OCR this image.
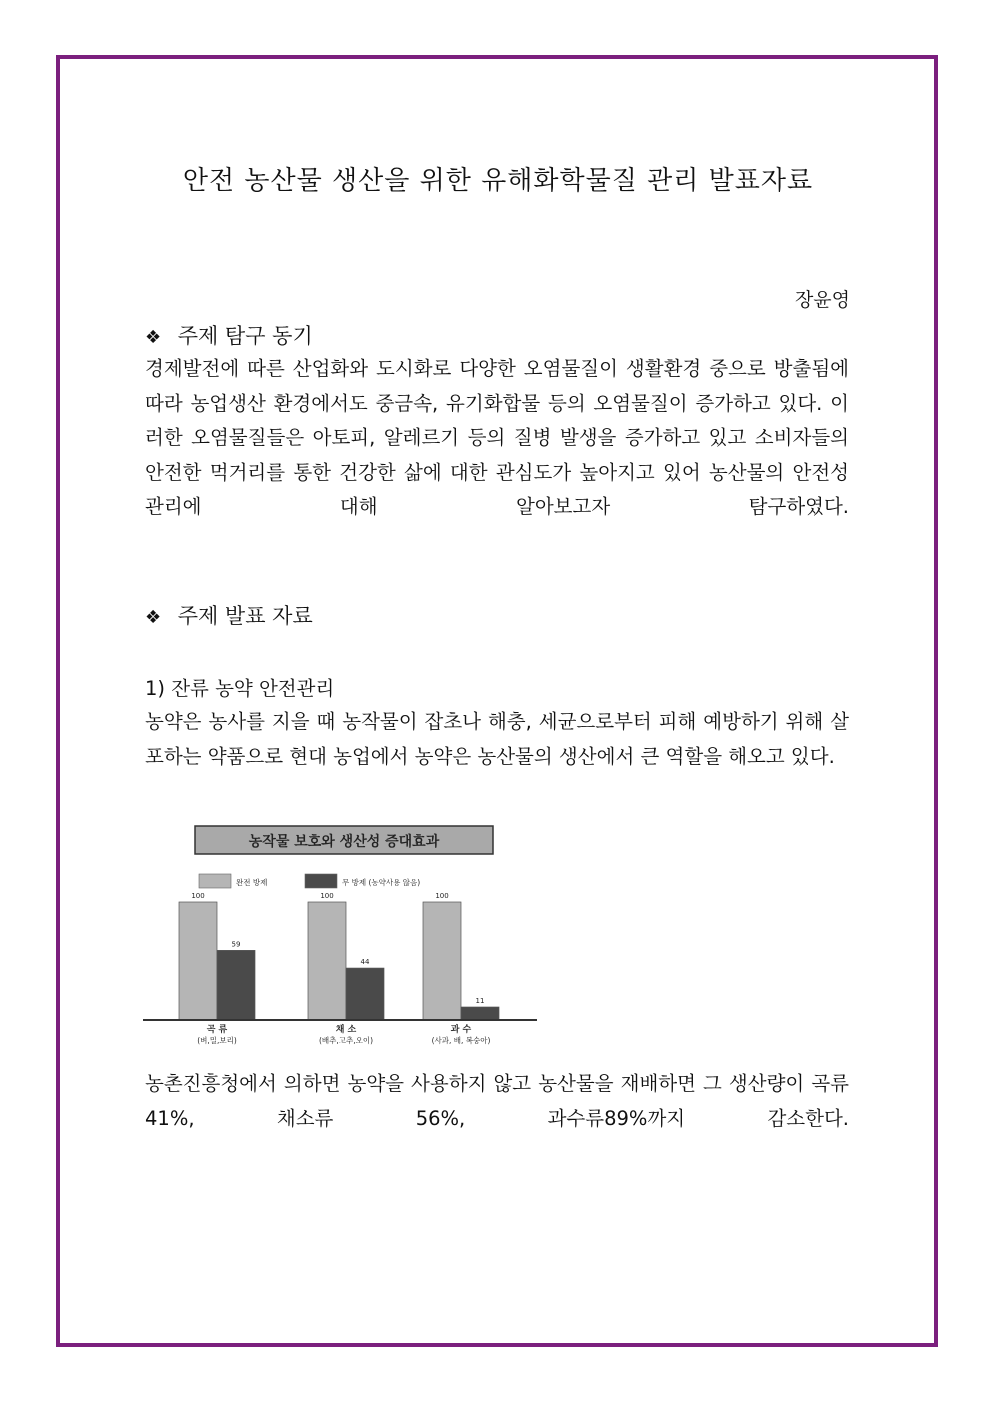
안전 농산물 생산을 위한 유해화학물질 관리 발표자료
장윤영
❖ 주제 탐구 동기
경제발전에 따른 산업화와 도시화로 다양한 오염물질이 생활환경 중으로 방출됨에 따라 농업생산 환경에서도 중금속, 유기화합물 등의 오염물질이 증가하고 있다. 이러한 오염물질들은 아토피, 알레르기 등의 질병 발생을 증가하고 있고 소비자들의 안전한 먹거리를 통한 건강한 삶에 대한 관심도가 높아지고 있어 농산물의 안전성 관리에 대해 알아보고자 탐구하였다.
❖ 주제 발표 자료
1) 잔류 농약 안전관리
농약은 농사를 지을 때 농작물이 잡초나 해충, 세균으로부터 피해 예방하기 위해 살포하는 약품으로 현대 농업에서 농약은 농산물의 생산에서 큰 역할을 해오고 있다.
농작물 보호와 생산성 증대효과
완전 방제	무 방제 (농약사용 않음)
100
59
곡 류
(벼,밀,보리)
100
44
채 소
(배추,고추,오이)
100
11
과 수
(사과, 배, 복숭아)
농촌진흥청에서 의하면 농약을 사용하지 않고 농산물을 재배하면 그 생산량이 곡류41%, 채소류 56%, 과수류89%까지 감소한다.
